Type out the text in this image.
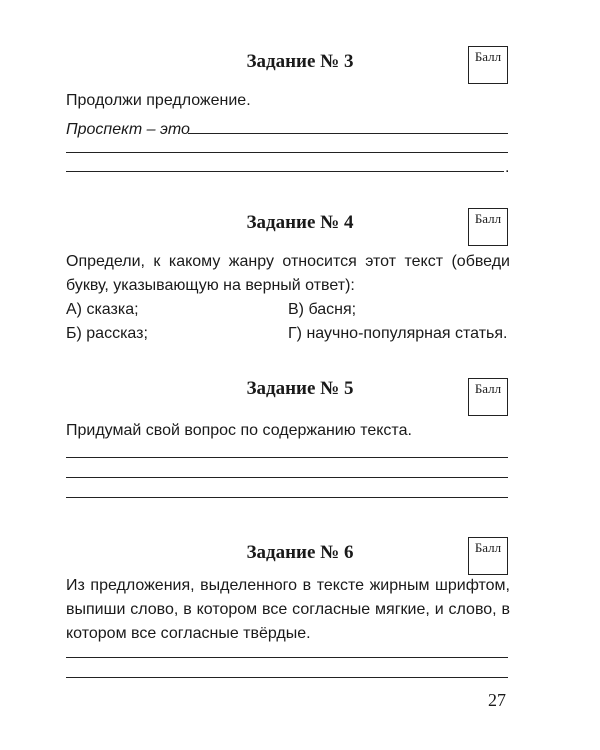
Задание № 3	Балл

Продолжи предложение.

Проспект – это

.
Задание № 4	Балл

Определи, к какому жанру относится этот текст (обведи букву, указывающую на верный ответ):

А) сказка;	В) басня;

Б) рассказ;	Г) научно-популярная статья.

Задание № 5	Балл

Придумай свой вопрос по содержанию текста.

Задание № 6	Балл

Из предложения, выделенного в тексте жирным шрифтом, выпиши слово, в котором все согласные мягкие, и слово, в котором все согласные твёрдые.

27
